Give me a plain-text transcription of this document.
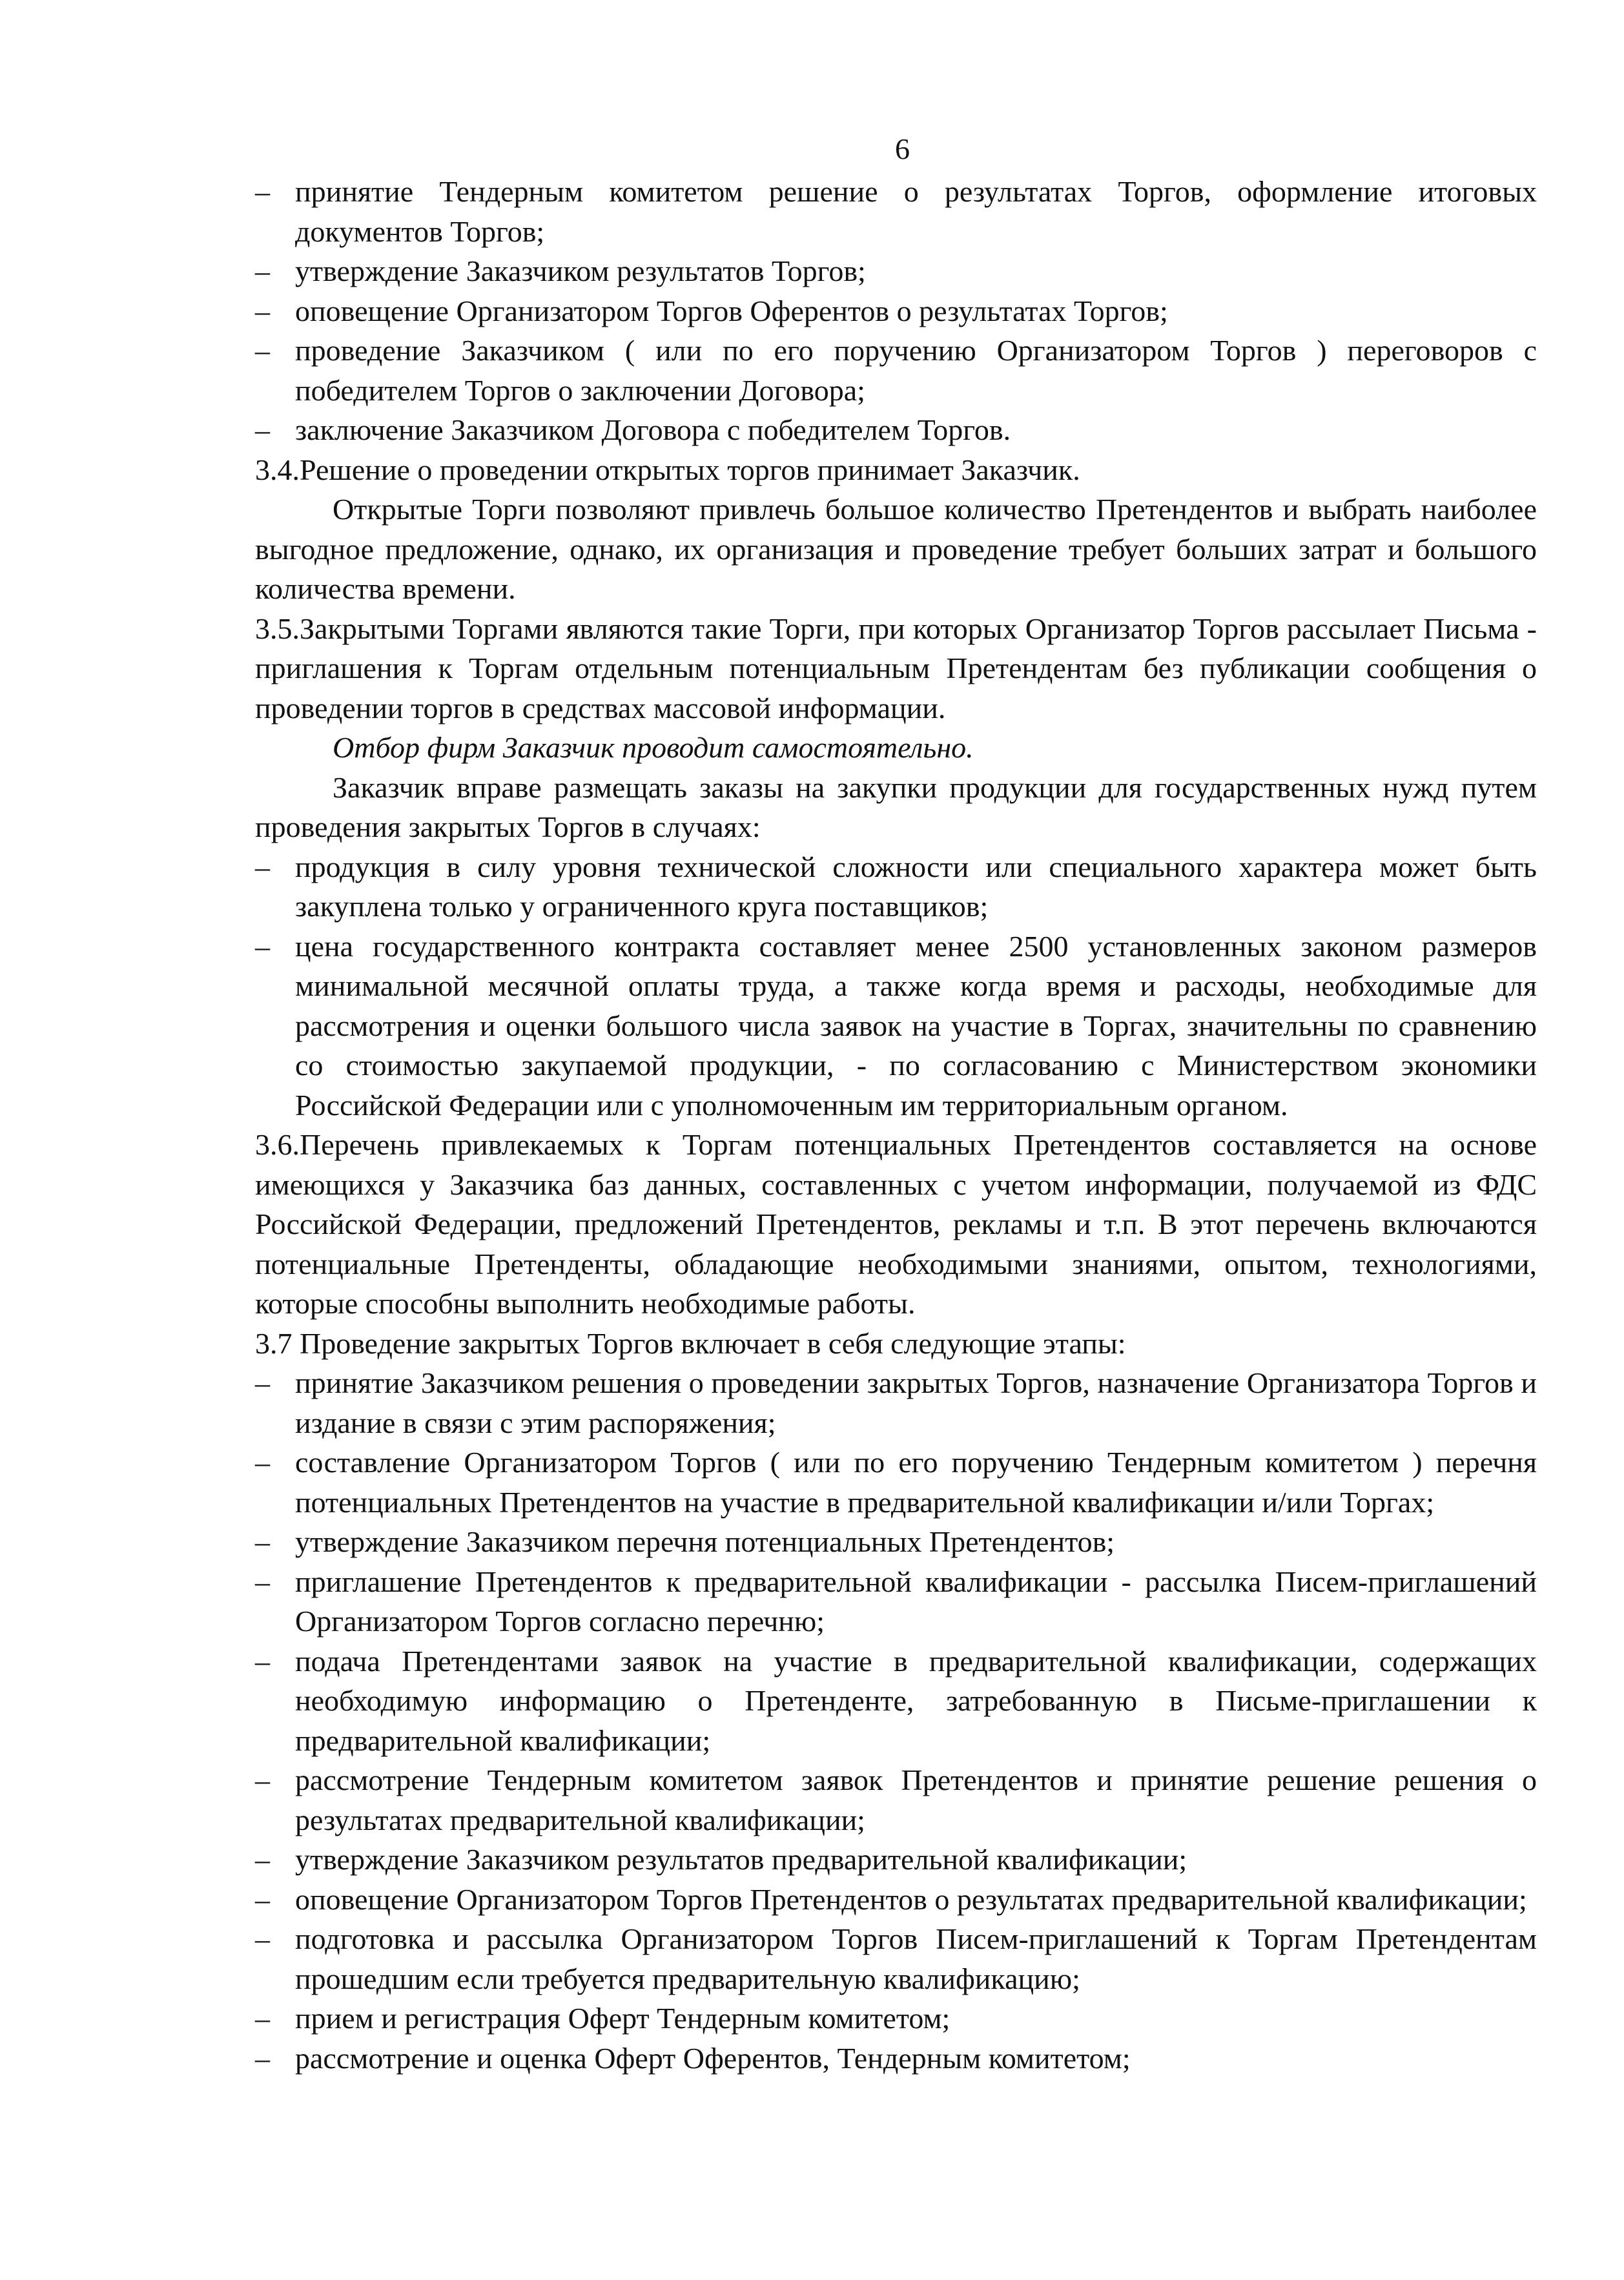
6
– принятие Тендерным комитетом решение о результатах Торгов, оформление итоговых документов Торгов;
– утверждение Заказчиком результатов Торгов;
– оповещение Организатором Торгов Оферентов о результатах Торгов;
– проведение Заказчиком ( или по его поручению Организатором Торгов ) переговоров с победителем Торгов о заключении Договора;
– заключение Заказчиком Договора с победителем Торгов.

3.4.Решение о проведении открытых торгов принимает Заказчик.

Открытые Торги позволяют привлечь большое количество Претендентов и выбрать наиболее выгодное предложение, однако, их организация и проведение требует больших затрат и большого количества времени.

3.5.Закрытыми Торгами являются такие Торги, при которых Организатор Торгов рассылает Письма - приглашения к Торгам отдельным потенциальным Претендентам без публикации сообщения о проведении торгов в средствах массовой информации.

Отбор фирм Заказчик проводит самостоятельно.

Заказчик вправе размещать заказы на закупки продукции для государственных нужд путем проведения закрытых Торгов в случаях:

– продукция в силу уровня технической сложности или специального характера может быть закуплена только у ограниченного круга поставщиков;
– цена государственного контракта составляет менее 2500 установленных законом размеров минимальной месячной оплаты труда, а также когда время и расходы, необходимые для рассмотрения и оценки большого числа заявок на участие в Торгах, значительны по сравнению со стоимостью закупаемой продукции, - по согласованию с Министерством экономики Российской Федерации или с уполномоченным им территориальным органом.

3.6.Перечень привлекаемых к Торгам потенциальных Претендентов составляется на основе имеющихся у Заказчика баз данных, составленных с учетом информации, получаемой из ФДС Российской Федерации, предложений Претендентов, рекламы и т.п. В этот перечень включаются потенциальные Претенденты, обладающие необходимыми знаниями, опытом, технологиями, которые способны выполнить необходимые работы.

3.7 Проведение закрытых Торгов включает в себя следующие этапы:

– принятие Заказчиком решения о проведении закрытых Торгов, назначение Организатора Торгов и издание в связи с этим распоряжения;
– составление Организатором Торгов ( или по его поручению Тендерным комитетом ) перечня потенциальных Претендентов на участие в предварительной квалификации и/или Торгах;
– утверждение Заказчиком перечня потенциальных Претендентов;
– приглашение Претендентов к предварительной квалификации - рассылка Писем-приглашений Организатором Торгов согласно перечню;
– подача Претендентами заявок на участие в предварительной квалификации, содержащих необходимую информацию о Претенденте, затребованную в Письме-приглашении к предварительной квалификации;
– рассмотрение Тендерным комитетом заявок Претендентов и принятие решение решения о результатах предварительной квалификации;
– утверждение Заказчиком результатов предварительной квалификации;
– оповещение Организатором Торгов Претендентов о результатах предварительной квалификации;
– подготовка и рассылка Организатором Торгов Писем-приглашений к Торгам Претендентам прошедшим если требуется предварительную квалификацию;
– прием и регистрация Оферт Тендерным комитетом;
– рассмотрение и оценка Оферт Оферентов, Тендерным комитетом;
